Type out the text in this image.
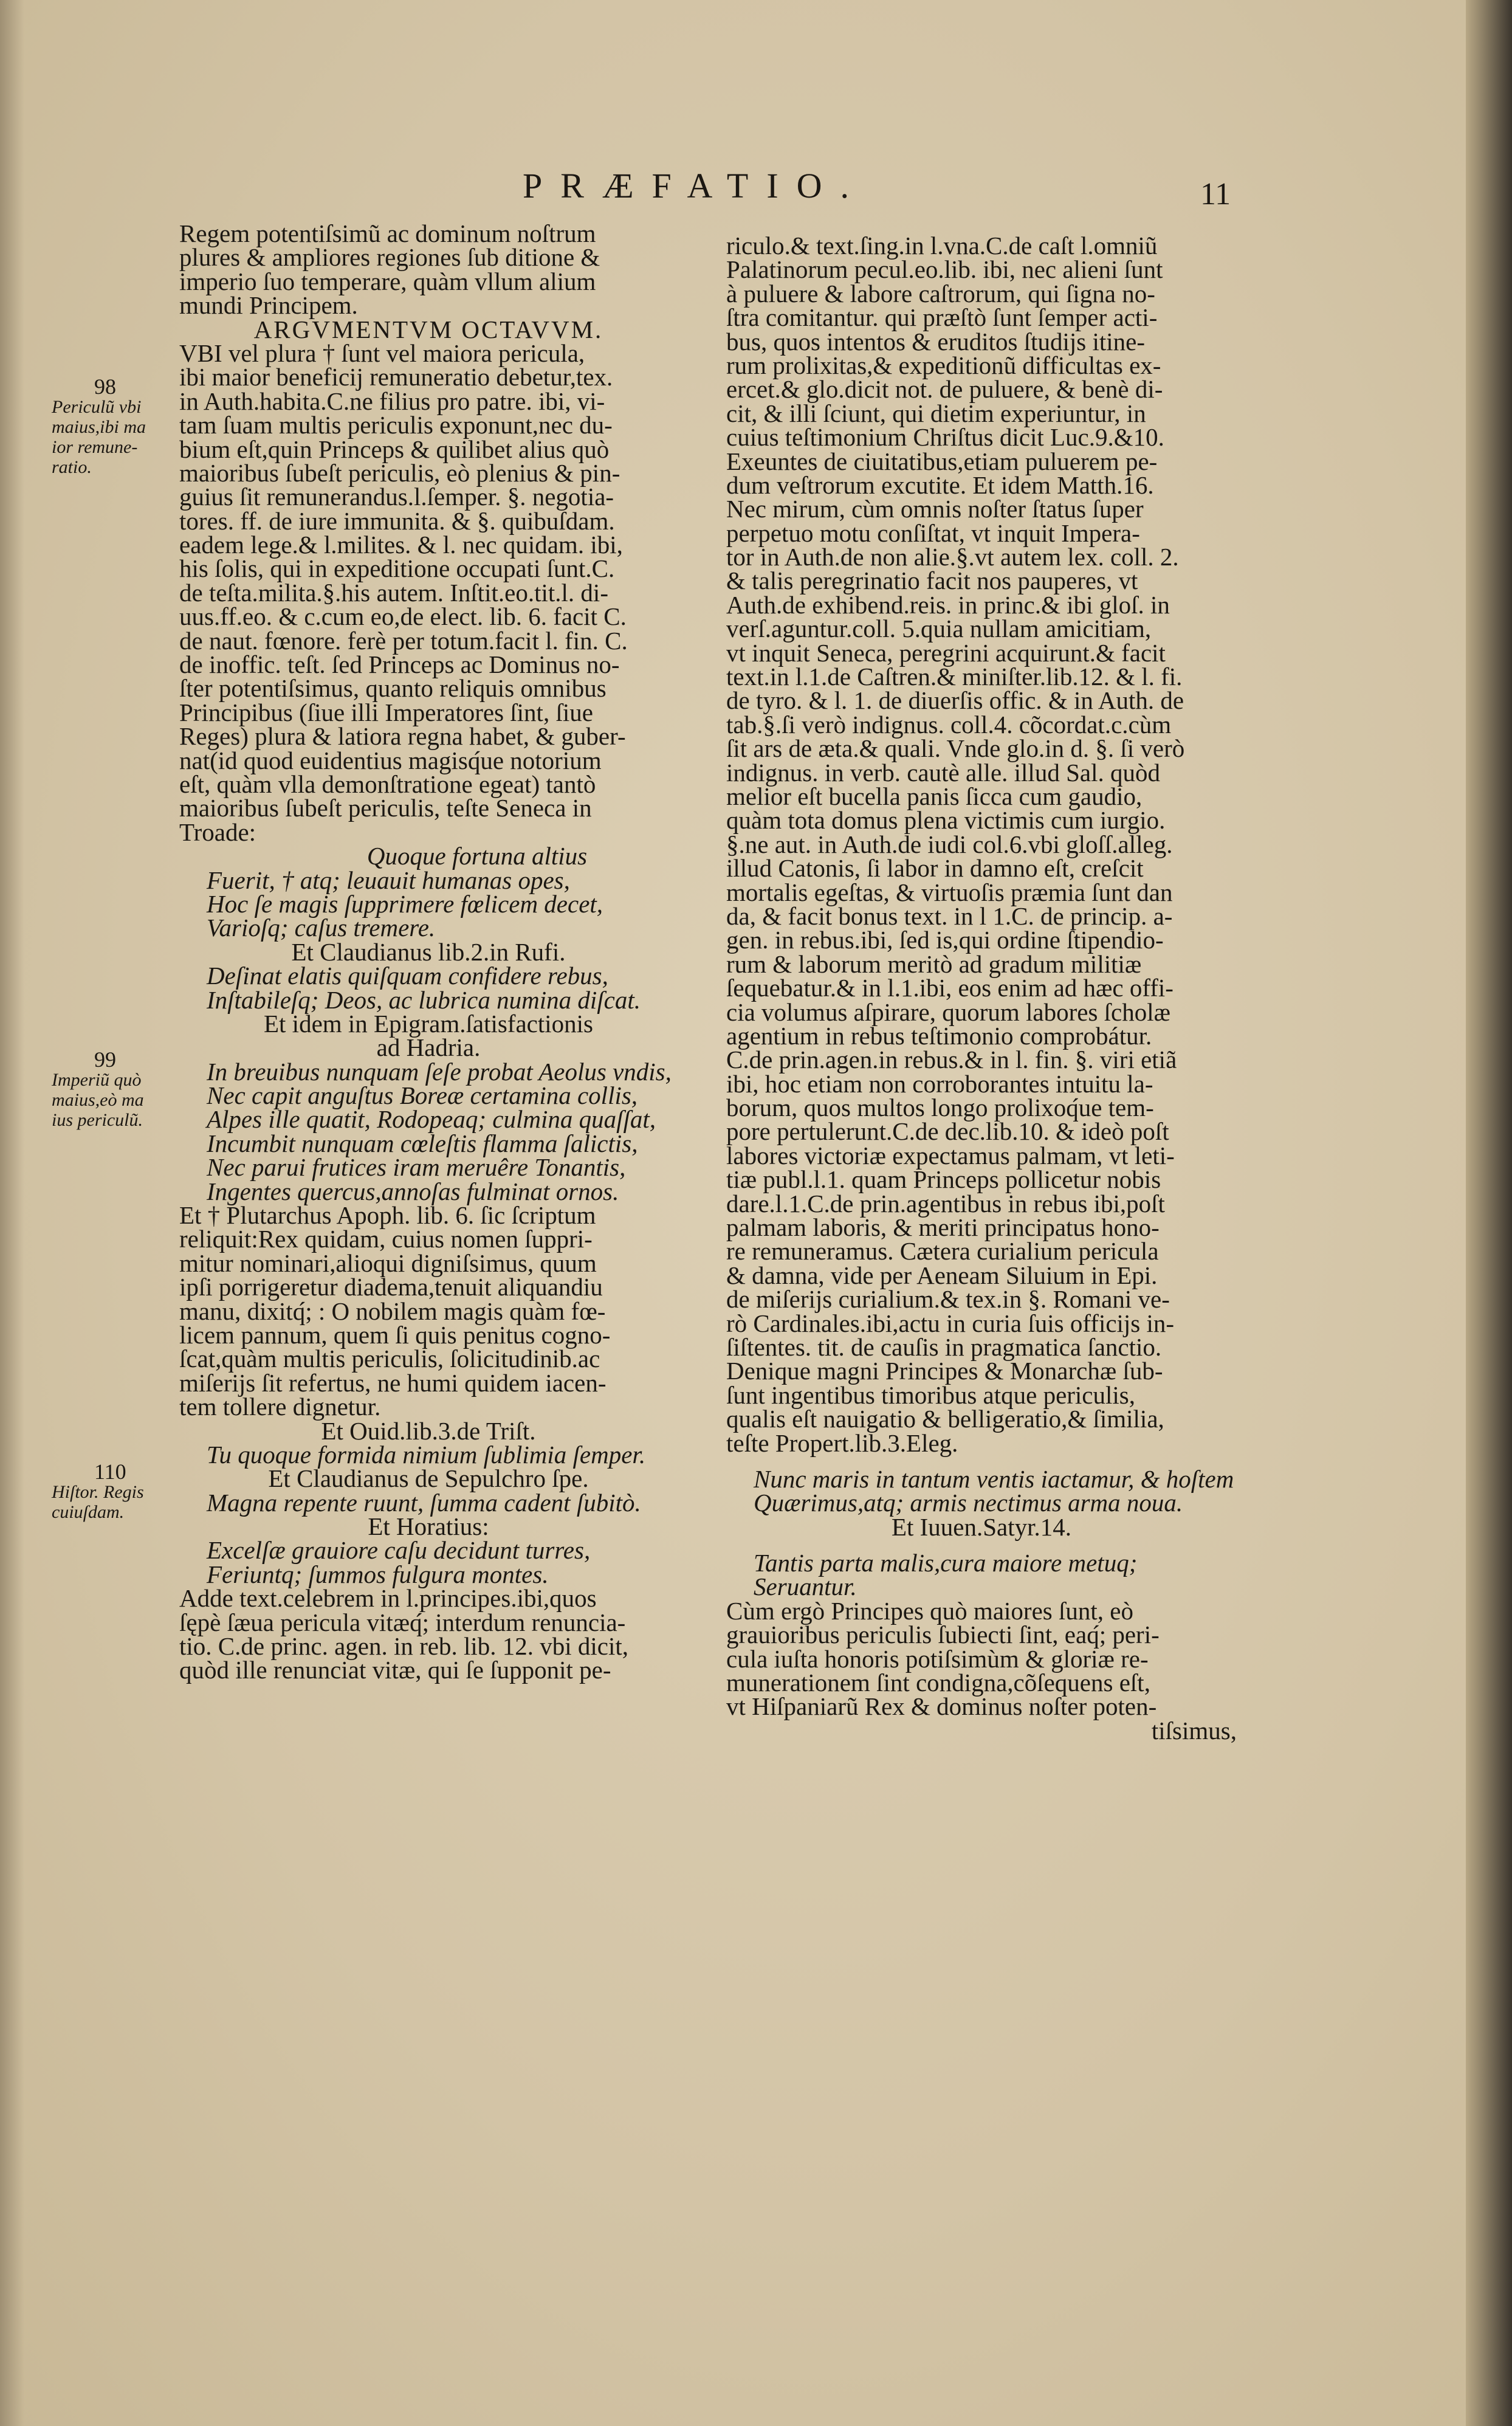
PRÆFATIO.	11
Regem potentiſsimũ ac dominum noſtrum
plures & ampliores regiones ſub ditione &
imperio ſuo temperare, quàm vllum alium
mundi Principem.
ARGVMENTVM OCTAVVM.
VBI vel plura † ſunt vel maiora pericula,
ibi maior beneficij remuneratio debetur,tex.
in Auth.habita.C.ne filius pro patre. ibi, vi-
tam ſuam multis periculis exponunt,nec du-
bium eſt,quin Princeps & quilibet alius quò
maioribus ſubeſt periculis, eò plenius & pin-
guius ſit remunerandus.l.ſemper. §. negotia-
tores. ff. de iure immunita. & §. quibuſdam.
eadem lege.& l.milites. & l. nec quidam. ibi,
his ſolis, qui in expeditione occupati ſunt.C.
de teſta.milita.§.his autem. Inſtit.eo.tit.l. di-
uus.ff.eo. & c.cum eo,de elect. lib. 6. facit C.
de naut. fœnore. ferè per totum.facit l. fin. C.
de inoffic. teſt. ſed Princeps ac Dominus no-
ſter potentiſsimus, quanto reliquis omnibus
Principibus (ſiue illi Imperatores ſint, ſiue
Reges) plura & latiora regna habet, & guber-
nat(id quod euidentius magisq́ue notorium
eſt, quàm vlla demonſtratione egeat) tantò
maioribus ſubeſt periculis, teſte Seneca in
Troade:
Quoque fortuna altius
Fuerit, † atq; leuauit humanas opes,
Hoc ſe magis ſupprimere fœlicem decet,
Varioſq; caſus tremere.
Et Claudianus lib.2.in Rufi.
Deſinat elatis quiſquam confidere rebus,
Inſtabileſq; Deos, ac lubrica numina diſcat.
Et idem in Epigram.ſatisfactionis
ad Hadria.
In breuibus nunquam ſeſe probat Aeolus vndis,
Nec capit anguſtus Boreæ certamina collis,
Alpes ille quatit, Rodopeaq; culmina quaſſat,
Incumbit nunquam cœleſtis flamma ſalictis,
Nec parui frutices iram meruêre Tonantis,
Ingentes quercus,annoſas fulminat ornos.
Et † Plutarchus Apoph. lib. 6. ſic ſcriptum
reliquit:Rex quidam, cuius nomen ſuppri-
mitur nominari,alioqui digniſsimus, quum
ipſi porrigeretur diadema,tenuit aliquandiu
manu, dixitq́; : O nobilem magis quàm fœ-
licem pannum, quem ſi quis penitus cogno-
ſcat,quàm multis periculis, ſolicitudinib.ac
miſerijs ſit refertus, ne humi quidem iacen-
tem tollere dignetur.
Et Ouid.lib.3.de Triſt.
Tu quoque formida nimium ſublimia ſemper.
Et Claudianus de Sepulchro ſpe.
Magna repente ruunt, ſumma cadent ſubitò.
Et Horatius:
Excelſæ grauiore caſu decidunt turres,
Feriuntq; ſummos fulgura montes.
Adde text.celebrem in l.principes.ibi,quos
ſępè ſæua pericula vitæq́; interdum renuncia-
tio. C.de princ. agen. in reb. lib. 12. vbi dicit,
quòd ille renunciat vitæ, qui ſe ſupponit pe-
riculo.& text.ſing.in l.vna.C.de caſt l.omniũ
Palatinorum pecul.eo.lib. ibi, nec alieni ſunt
à puluere & labore caſtrorum, qui ſigna no-
ſtra comitantur. qui præſtò ſunt ſemper acti-
bus, quos intentos & eruditos ſtudijs itine-
rum prolixitas,& expeditionũ difficultas ex-
ercet.& glo.dicit not. de puluere, & benè di-
cit, & illi ſciunt, qui dietim experiuntur, in
cuius teſtimonium Chriſtus dicit Luc.9.&10.
Exeuntes de ciuitatibus,etiam puluerem pe-
dum veſtrorum excutite. Et idem Matth.16.
Nec mirum, cùm omnis noſter ſtatus ſuper
perpetuo motu conſiſtat, vt inquit Impera-
tor in Auth.de non alie.§.vt autem lex. coll. 2.
& talis peregrinatio facit nos pauperes, vt
Auth.de exhibend.reis. in princ.& ibi gloſ. in
verſ.aguntur.coll. 5.quia nullam amicitiam,
vt inquit Seneca, peregrini acquirunt.& facit
text.in l.1.de Caſtren.& miniſter.lib.12. & l. fi.
de tyro. & l. 1. de diuerſis offic. & in Auth. de
tab.§.ſi verò indignus. coll.4. cõcordat.c.cùm
ſit ars de æta.& quali. Vnde glo.in d. §. ſi verò
indignus. in verb. cautè alle. illud Sal. quòd
melior eſt bucella panis ſicca cum gaudio,
quàm tota domus plena victimis cum iurgio.
§.ne aut. in Auth.de iudi col.6.vbi gloſſ.alleg.
illud Catonis, ſi labor in damno eſt, creſcit
mortalis egeſtas, & virtuoſis præmia ſunt dan
da, & facit bonus text. in l 1.C. de princip. a-
gen. in rebus.ibi, ſed is,qui ordine ſtipendio-
rum & laborum meritò ad gradum militiæ
ſequebatur.& in l.1.ibi, eos enim ad hæc offi-
cia volumus aſpirare, quorum labores ſcholæ
agentium in rebus teſtimonio comprobátur.
C.de prin.agen.in rebus.& in l. fin. §. viri etiã
ibi, hoc etiam non corroborantes intuitu la-
borum, quos multos longo prolixoq́ue tem-
pore pertulerunt.C.de dec.lib.10. & ideò poſt
labores victoriæ expectamus palmam, vt leti-
tiæ publ.l.1. quam Princeps pollicetur nobis
dare.l.1.C.de prin.agentibus in rebus ibi,poſt
palmam laboris, & meriti principatus hono-
re remuneramus. Cætera curialium pericula
& damna, vide per Aeneam Siluium in Epi.
de miſerijs curialium.& tex.in §. Romani ve-
rò Cardinales.ibi,actu in curia ſuis officijs in-
ſiſtentes. tit. de cauſis in pragmatica ſanctio.
Denique magni Principes & Monarchæ ſub-
ſunt ingentibus timoribus atque periculis,
qualis eſt nauigatio & belligeratio,& ſimilia,
teſte Propert.lib.3.Eleg.
Nunc maris in tantum ventis iactamur, & hoſtem
Quærimus,atq; armis nectimus arma noua.
Et Iuuen.Satyr.14.
Tantis parta malis,cura maiore metuq;
Seruantur.
Cùm ergò Principes quò maiores ſunt, eò
grauioribus periculis ſubiecti ſint, eaq́; peri-
cula iuſta honoris potiſsimùm & gloriæ re-
munerationem ſint condigna,cõſequens eſt,
vt Hiſpaniarũ Rex & dominus noſter poten-
tiſsimus,
98
Periculũ vbi
maius,ibi ma
ior remune-
ratio.
99
Imperiũ quò
maius,eò ma
ius periculũ.
110
Hiſtor. Regis
cuiuſdam.
